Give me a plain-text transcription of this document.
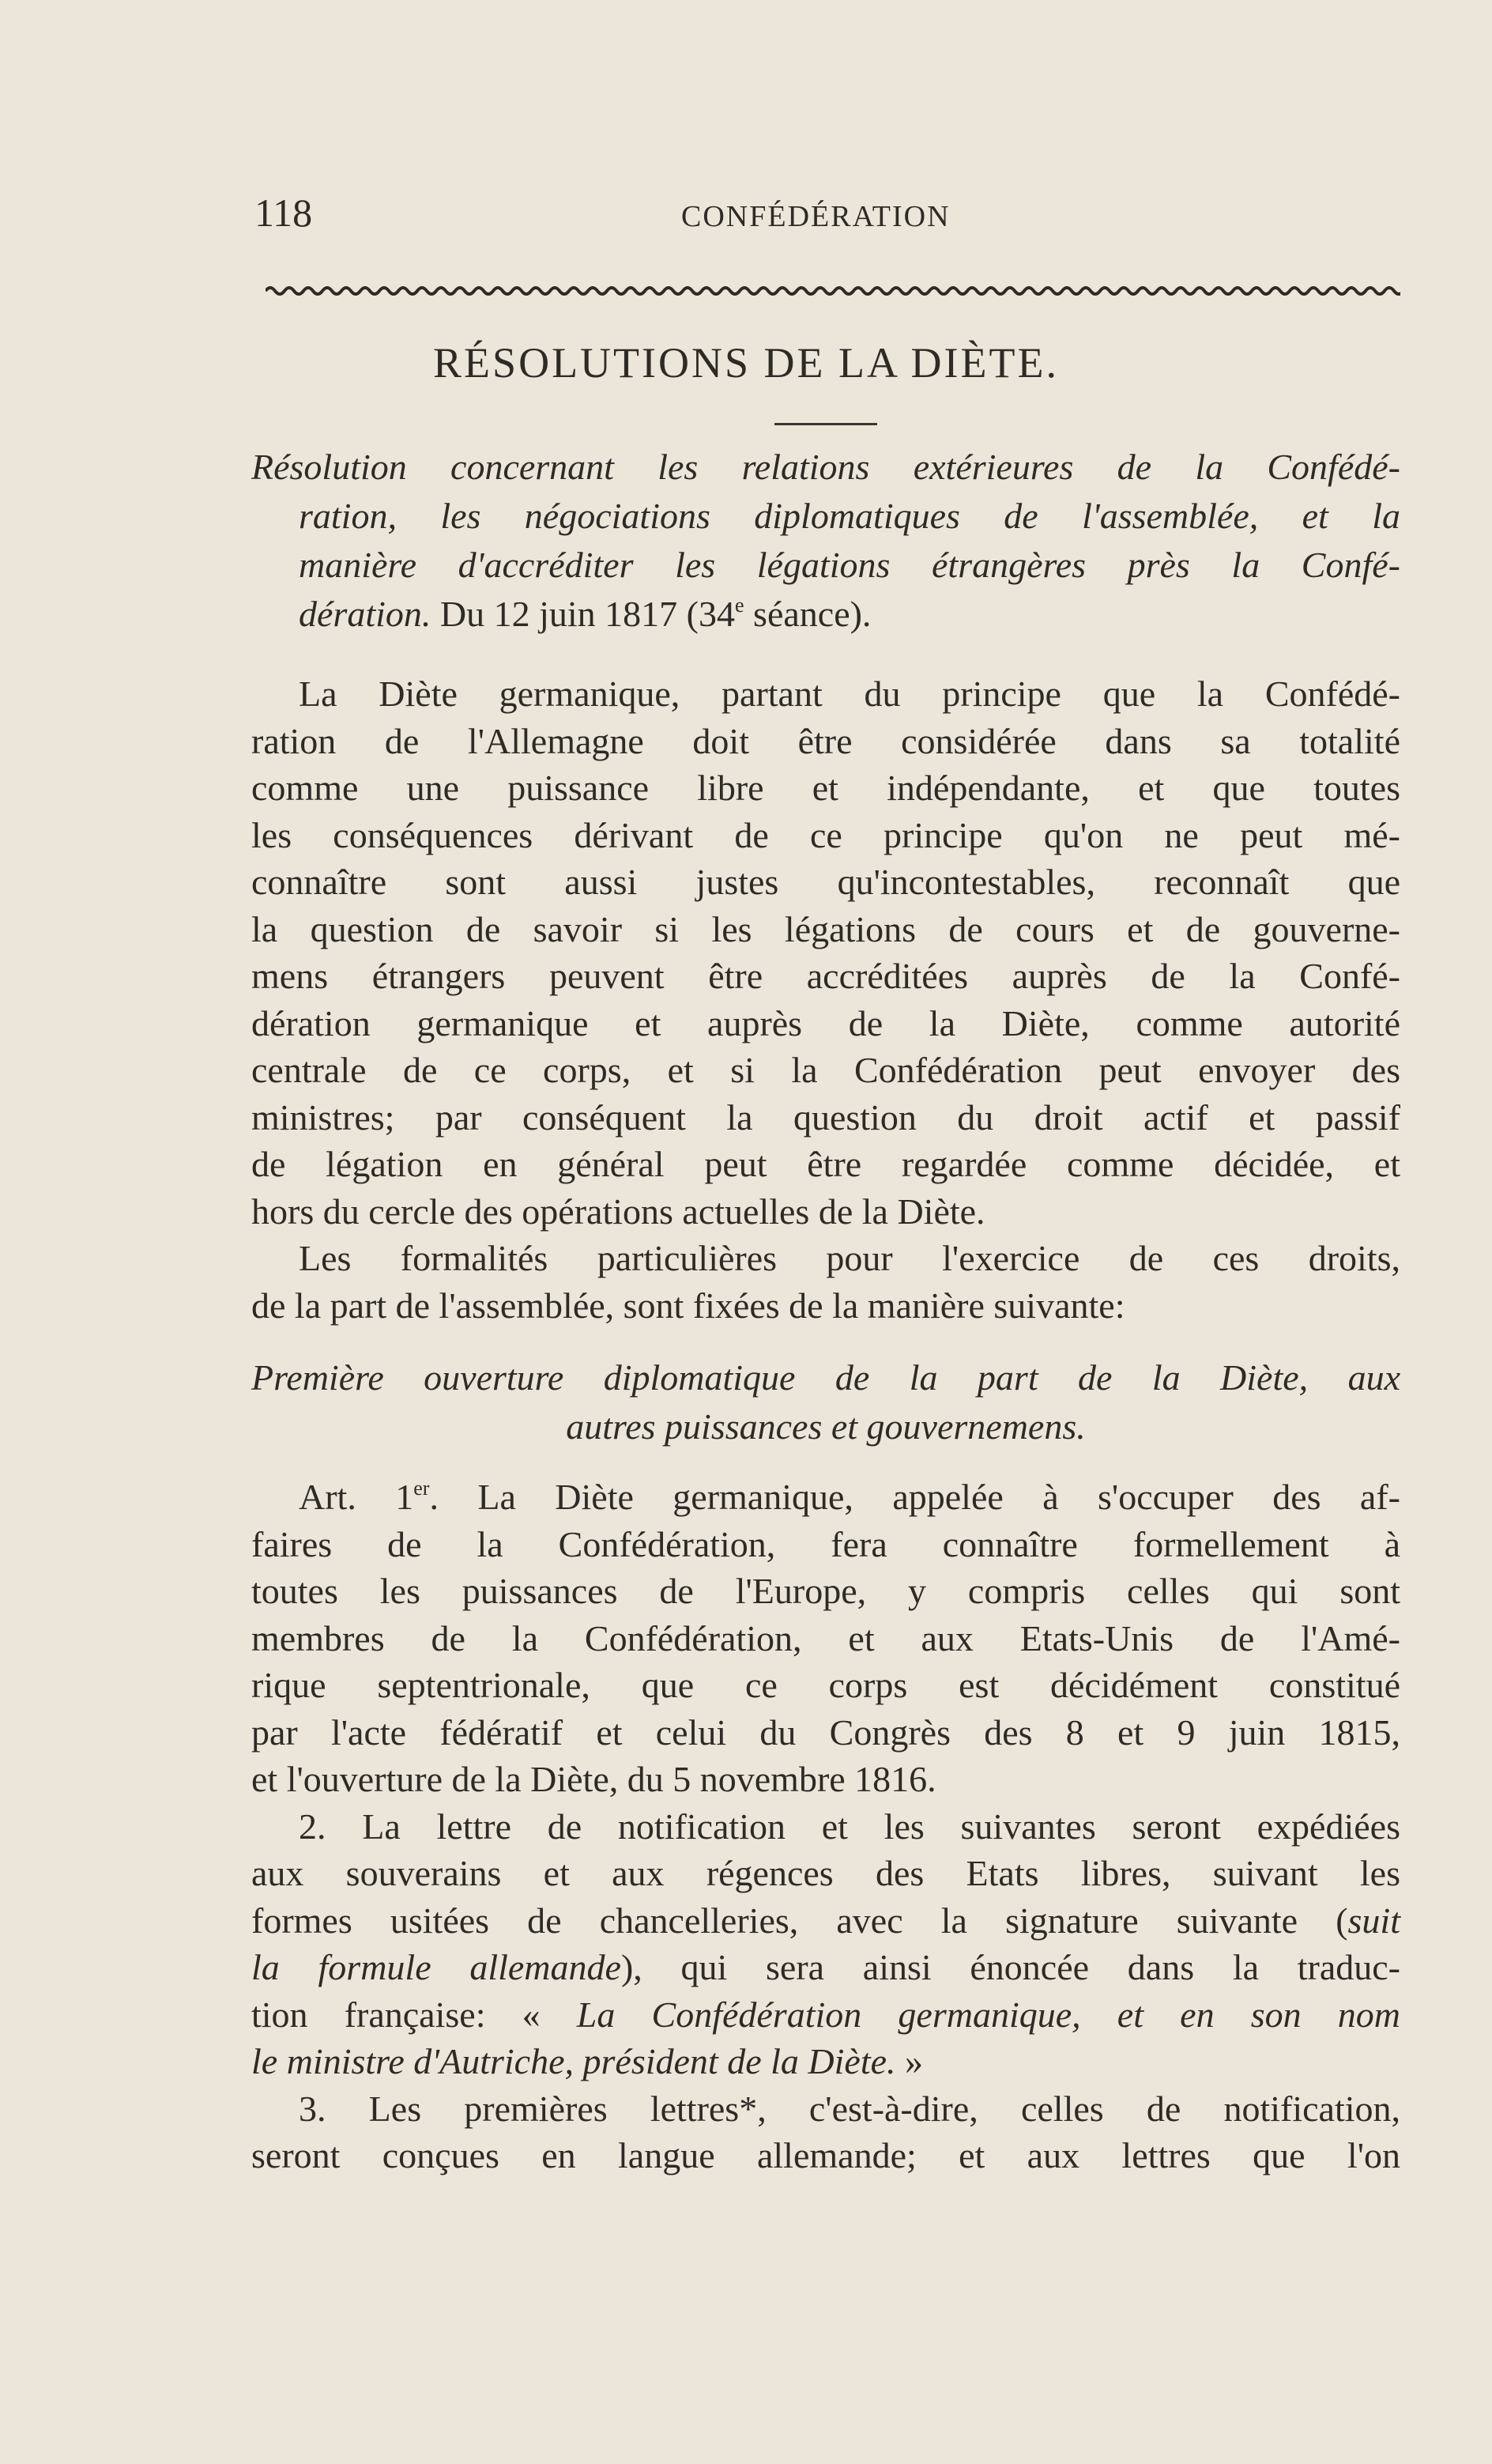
118	CONFÉDÉRATION
RÉSOLUTIONS DE LA DIÈTE.
Résolution concernant les relations extérieures de la Confédé-
ration, les négociations diplomatiques de l'assemblée, et la
manière d'accréditer les légations étrangères près la Confé-
dération. Du 12 juin 1817 (34e séance).
La Diète germanique, partant du principe que la Confédé-
ration de l'Allemagne doit être considérée dans sa totalité
comme une puissance libre et indépendante, et que toutes
les conséquences dérivant de ce principe qu'on ne peut mé-
connaître sont aussi justes qu'incontestables, reconnaît que
la question de savoir si les légations de cours et de gouverne-
mens étrangers peuvent être accréditées auprès de la Confé-
dération germanique et auprès de la Diète, comme autorité
centrale de ce corps, et si la Confédération peut envoyer des
ministres; par conséquent la question du droit actif et passif
de légation en général peut être regardée comme décidée, et
hors du cercle des opérations actuelles de la Diète.
Les formalités particulières pour l'exercice de ces droits,
de la part de l'assemblée, sont fixées de la manière suivante:
Première ouverture diplomatique de la part de la Diète, aux
autres puissances et gouvernemens.
Art. 1er. La Diète germanique, appelée à s'occuper des af-
faires de la Confédération, fera connaître formellement à
toutes les puissances de l'Europe, y compris celles qui sont
membres de la Confédération, et aux Etats-Unis de l'Amé-
rique septentrionale, que ce corps est décidément constitué
par l'acte fédératif et celui du Congrès des 8 et 9 juin 1815,
et l'ouverture de la Diète, du 5 novembre 1816.
2. La lettre de notification et les suivantes seront expédiées
aux souverains et aux régences des Etats libres, suivant les
formes usitées de chancelleries, avec la signature suivante (suit
la formule allemande), qui sera ainsi énoncée dans la traduc-
tion française: « La Confédération germanique, et en son nom
le ministre d'Autriche, président de la Diète. »
3. Les premières lettres*, c'est-à-dire, celles de notification,
seront conçues en langue allemande; et aux lettres que l'on
